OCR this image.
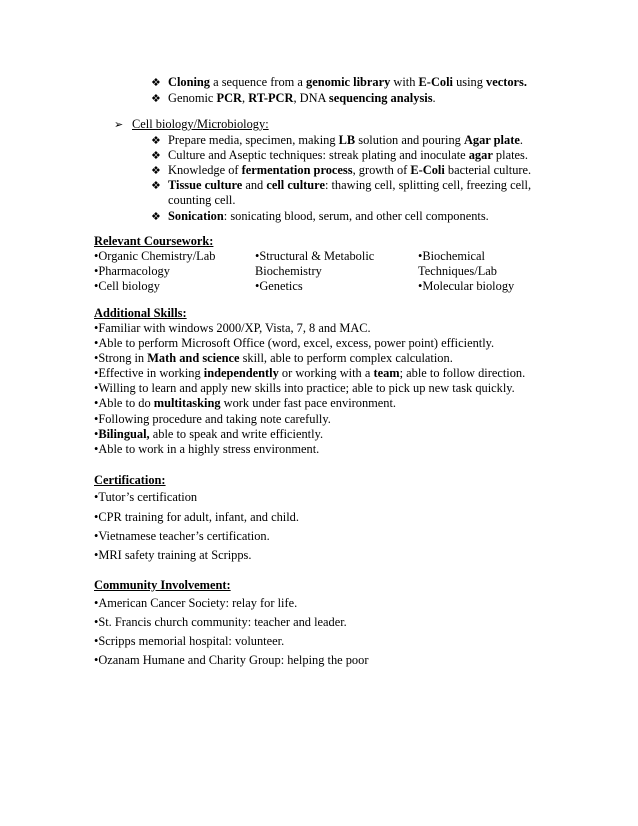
❖ Cloning a sequence from a genomic library with E-Coli using vectors.
❖ Genomic PCR, RT-PCR, DNA sequencing analysis.
➢ Cell biology/Microbiology:
❖ Prepare media, specimen, making LB solution and pouring Agar plate.
❖ Culture and Aseptic techniques: streak plating and inoculate agar plates.
❖ Knowledge of fermentation process, growth of E-Coli bacterial culture.
❖ Tissue culture and cell culture: thawing cell, splitting cell, freezing cell,
counting cell.
❖ Sonication: sonicating blood, serum, and other cell components.
Relevant Coursework:
•Organic Chemistry/Lab
•Pharmacology
•Cell biology
•Structural & Metabolic
Biochemistry
•Genetics
•Biochemical
Techniques/Lab
•Molecular biology
Additional Skills:
•Familiar with windows 2000/XP, Vista, 7, 8 and MAC.
•Able to perform Microsoft Office (word, excel, excess, power point) efficiently.
•Strong in Math and science skill, able to perform complex calculation.
•Effective in working independently or working with a team; able to follow direction.
•Willing to learn and apply new skills into practice; able to pick up new task quickly.
•Able to do multitasking work under fast pace environment.
•Following procedure and taking note carefully.
•Bilingual, able to speak and write efficiently.
•Able to work in a highly stress environment.
Certification:
•Tutor’s certification
•CPR training for adult, infant, and child.
•Vietnamese teacher’s certification.
•MRI safety training at Scripps.
Community Involvement:
•American Cancer Society: relay for life.
•St. Francis church community: teacher and leader.
•Scripps memorial hospital: volunteer.
•Ozanam Humane and Charity Group: helping the poor
